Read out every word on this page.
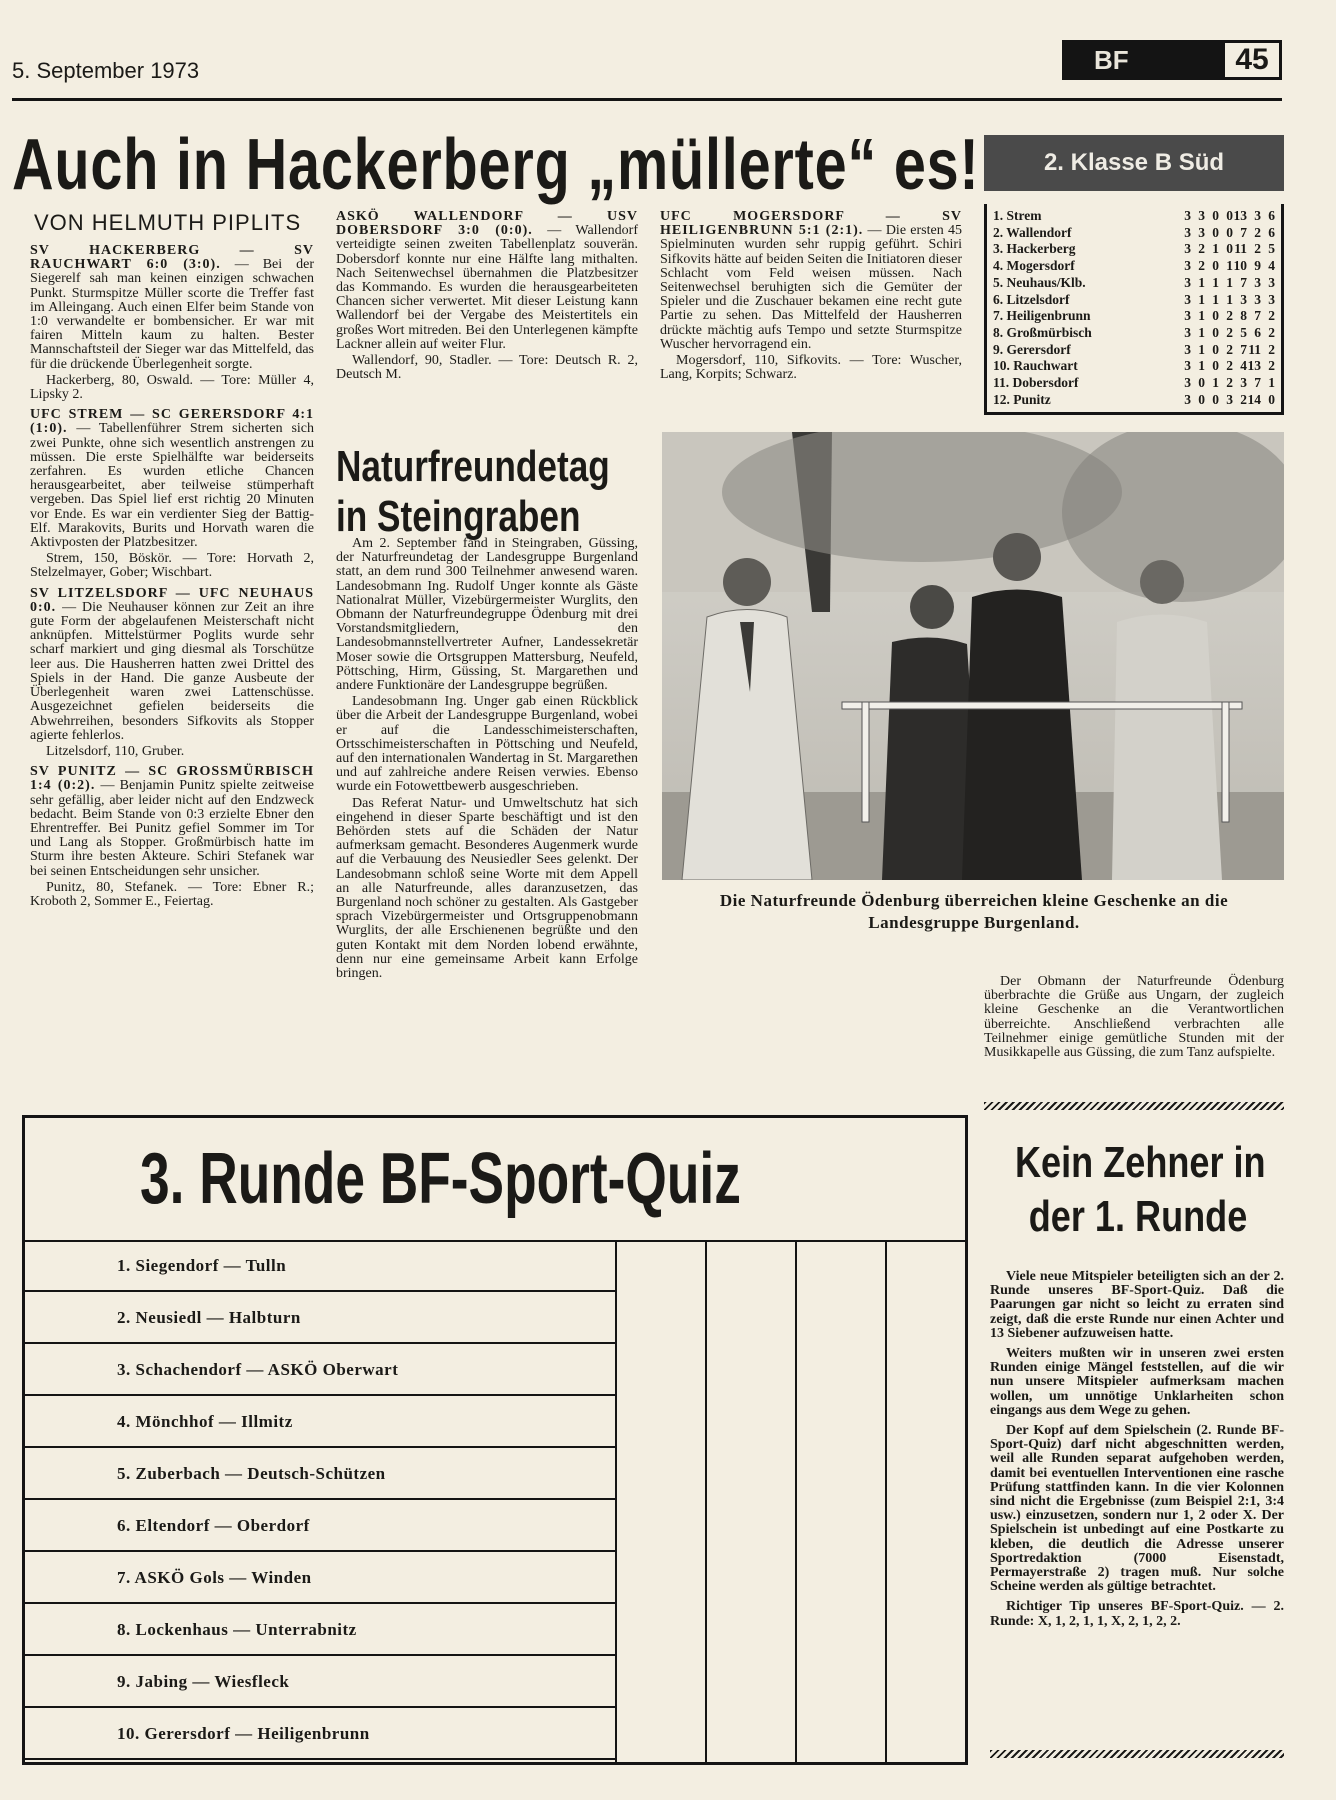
5. September 1973	BF	45
Auch in Hackerberg „müllerte“ es!	2. Klasse B Süd
VON HELMUTH PIPLITS

SV HACKERBERG — SV RAUCHWART 6:0 (3:0). — Bei der Siegerelf sah man keinen einzigen schwachen Punkt. Sturmspitze Müller scorte die Treffer fast im Alleingang. Auch einen Elfer beim Stande von 1:0 verwandelte er bombensicher. Er war mit fairen Mitteln kaum zu halten. Bester Mannschaftsteil der Sieger war das Mittelfeld, das für die drückende Überlegenheit sorgte.

Hackerberg, 80, Oswald. — Tore: Müller 4, Lipsky 2.

UFC STREM — SC GERERSDORF 4:1 (1:0). — Tabellenführer Strem sicherten sich zwei Punkte, ohne sich wesentlich anstrengen zu müssen. Die erste Spielhälfte war beiderseits zerfahren. Es wurden etliche Chancen herausgearbeitet, aber teilweise stümperhaft vergeben. Das Spiel lief erst richtig 20 Minuten vor Ende. Es war ein verdienter Sieg der Battig-Elf. Marakovits, Burits und Horvath waren die Aktivposten der Platzbesitzer.

Strem, 150, Böskör. — Tore: Horvath 2, Stelzelmayer, Gober; Wischbart.

SV LITZELSDORF — UFC NEUHAUS 0:0. — Die Neuhauser können zur Zeit an ihre gute Form der abgelaufenen Meisterschaft nicht anknüpfen. Mittelstürmer Poglits wurde sehr scharf markiert und ging diesmal als Torschütze leer aus. Die Hausherren hatten zwei Drittel des Spiels in der Hand. Die ganze Ausbeute der Überlegenheit waren zwei Lattenschüsse. Ausgezeichnet gefielen beiderseits die Abwehrreihen, besonders Sifkovits als Stopper agierte fehlerlos.

Litzelsdorf, 110, Gruber.

SV PUNITZ — SC GROSSMÜRBISCH 1:4 (0:2). — Benjamin Punitz spielte zeitweise sehr gefällig, aber leider nicht auf den Endzweck bedacht. Beim Stande von 0:3 erzielte Ebner den Ehrentreffer. Bei Punitz gefiel Sommer im Tor und Lang als Stopper. Großmürbisch hatte im Sturm ihre besten Akteure. Schiri Stefanek war bei seinen Entscheidungen sehr unsicher.

Punitz, 80, Stefanek. — Tore: Ebner R.; Kroboth 2, Sommer E., Feiertag.

ASKÖ WALLENDORF — USV DOBERSDORF 3:0 (0:0). — Wallendorf verteidigte seinen zweiten Tabellenplatz souverän. Dobersdorf konnte nur eine Hälfte lang mithalten. Nach Seitenwechsel übernahmen die Platzbesitzer das Kommando. Es wurden die herausgearbeiteten Chancen sicher verwertet. Mit dieser Leistung kann Wallendorf bei der Vergabe des Meistertitels ein großes Wort mitreden. Bei den Unterlegenen kämpfte Lackner allein auf weiter Flur.

Wallendorf, 90, Stadler. — Tore: Deutsch R. 2, Deutsch M.

UFC MOGERSDORF — SV HEILIGENBRUNN 5:1 (2:1). — Die ersten 45 Spielminuten wurden sehr ruppig geführt. Schiri Sifkovits hätte auf beiden Seiten die Initiatoren dieser Schlacht vom Feld weisen müssen. Nach Seitenwechsel beruhigten sich die Gemüter der Spieler und die Zuschauer bekamen eine recht gute Partie zu sehen. Das Mittelfeld der Hausherren drückte mächtig aufs Tempo und setzte Sturmspitze Wuscher hervorragend ein.

Mogersdorf, 110, Sifkovits. — Tore: Wuscher, Lang, Korpits; Schwarz.

1. Strem	3	3	0	0	13	3	6
2. Wallendorf	3	3	0	0	7	2	6
3. Hackerberg	3	2	1	0	11	2	5
4. Mogersdorf	3	2	0	1	10	9	4
5. Neuhaus/Klb.	3	1	1	1	7	3	3
6. Litzelsdorf	3	1	1	1	3	3	3
7. Heiligenbrunn	3	1	0	2	8	7	2
8. Großmürbisch	3	1	0	2	5	6	2
9. Gerersdorf	3	1	0	2	7	11	2
10. Rauchwart	3	1	0	2	4	13	2
11. Dobersdorf	3	0	1	2	3	7	1
12. Punitz	3	0	0	3	2	14	0
Naturfreundetag
in Steingraben

Am 2. September fand in Steingraben, Güssing, der Naturfreundetag der Landesgruppe Burgenland statt, an dem rund 300 Teilnehmer anwesend waren. Landesobmann Ing. Rudolf Unger konnte als Gäste Nationalrat Müller, Vizebürgermeister Wurglits, den Obmann der Naturfreundegruppe Ödenburg mit drei Vorstandsmitgliedern, den Landesobmannstellvertreter Aufner, Landessekretär Moser sowie die Ortsgruppen Mattersburg, Neufeld, Pöttsching, Hirm, Güssing, St. Margarethen und andere Funktionäre der Landesgruppe begrüßen.

Landesobmann Ing. Unger gab einen Rückblick über die Arbeit der Landesgruppe Burgenland, wobei er auf die Landesschimeisterschaften, Ortsschimeisterschaften in Pöttsching und Neufeld, auf den internationalen Wandertag in St. Margarethen und auf zahlreiche andere Reisen verwies. Ebenso wurde ein Fotowettbewerb ausgeschrieben.

Das Referat Natur- und Umweltschutz hat sich eingehend in dieser Sparte beschäftigt und ist den Behörden stets auf die Schäden der Natur aufmerksam gemacht. Besonderes Augenmerk wurde auf die Verbauung des Neusiedler Sees gelenkt. Der Landesobmann schloß seine Worte mit dem Appell an alle Naturfreunde, alles daranzusetzen, das Burgenland noch schöner zu gestalten. Als Gastgeber sprach Vizebürgermeister und Ortsgruppenobmann Wurglits, der alle Erschienenen begrüßte und den guten Kontakt mit dem Norden lobend erwähnte, denn nur eine gemeinsame Arbeit kann Erfolge bringen.

Der Obmann der Naturfreunde Ödenburg überbrachte die Grüße aus Ungarn, der zugleich kleine Geschenke an die Verantwortlichen überreichte. Anschließend verbrachten alle Teilnehmer einige gemütliche Stunden mit der Musikkapelle aus Güssing, die zum Tanz aufspielte.

Die Naturfreunde Ödenburg überreichen kleine Geschenke an die Landesgruppe Burgenland.
1. Siegendorf — Tulln
2. Neusiedl — Halbturn
3. Schachendorf — ASKÖ Oberwart
4. Mönchhof — Illmitz
5. Zuberbach — Deutsch-Schützen
6. Eltendorf — Oberdorf
7. ASKÖ Gols — Winden
8. Lockenhaus — Unterrabnitz
9. Jabing — Wiesfleck
10. Gerersdorf — Heiligenbrunn
3. Runde BF-Sport-Quiz	Kein Zehner in
der 1. Runde

Viele neue Mitspieler beteiligten sich an der 2. Runde unseres BF-Sport-Quiz. Daß die Paarungen gar nicht so leicht zu erraten sind zeigt, daß die erste Runde nur einen Achter und 13 Siebener aufzuweisen hatte.

Weiters mußten wir in unseren zwei ersten Runden einige Mängel feststellen, auf die wir nun unsere Mitspieler aufmerksam machen wollen, um unnötige Unklarheiten schon eingangs aus dem Wege zu gehen.

Der Kopf auf dem Spielschein (2. Runde BF-Sport-Quiz) darf nicht abgeschnitten werden, weil alle Runden separat aufgehoben werden, damit bei eventuellen Interventionen eine rasche Prüfung stattfinden kann. In die vier Kolonnen sind nicht die Ergebnisse (zum Beispiel 2:1, 3:4 usw.) einzusetzen, sondern nur 1, 2 oder X. Der Spielschein ist unbedingt auf eine Postkarte zu kleben, die deutlich die Adresse unserer Sportredaktion (7000 Eisenstadt, Permayerstraße 2) tragen muß. Nur solche Scheine werden als gültige betrachtet.

Richtiger Tip unseres BF-Sport-Quiz. — 2. Runde: X, 1, 2, 1, 1, X, 2, 1, 2, 2.
